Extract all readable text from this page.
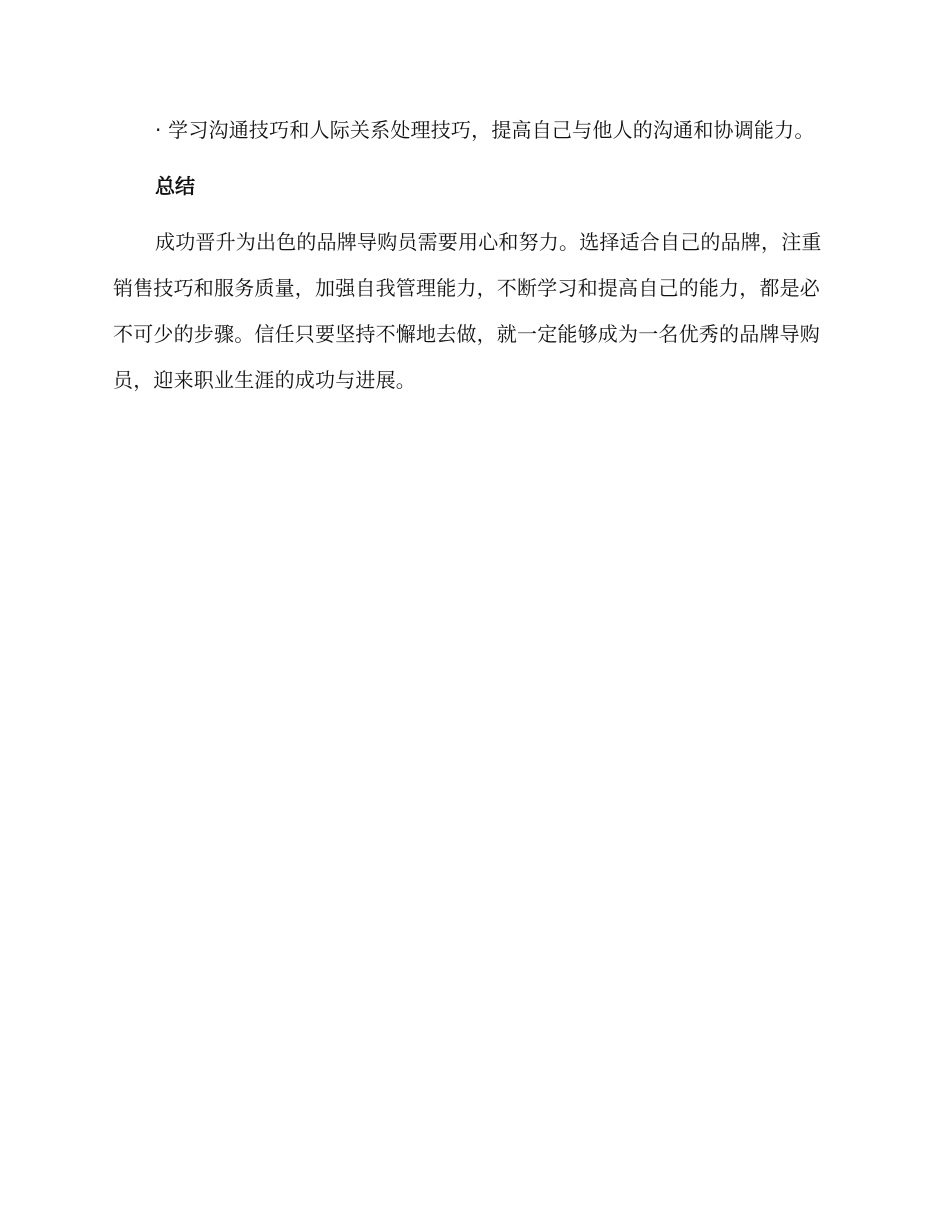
· 学习沟通技巧和人际关系处理技巧，提高自己与他人的沟通和协调能力。

总结

成功晋升为出色的品牌导购员需要用心和努力。选择适合自己的品牌，注重销售技巧和服务质量，加强自我管理能力，不断学习和提高自己的能力，都是必不可少的步骤。信任只要坚持不懈地去做，就一定能够成为一名优秀的品牌导购员，迎来职业生涯的成功与进展。
